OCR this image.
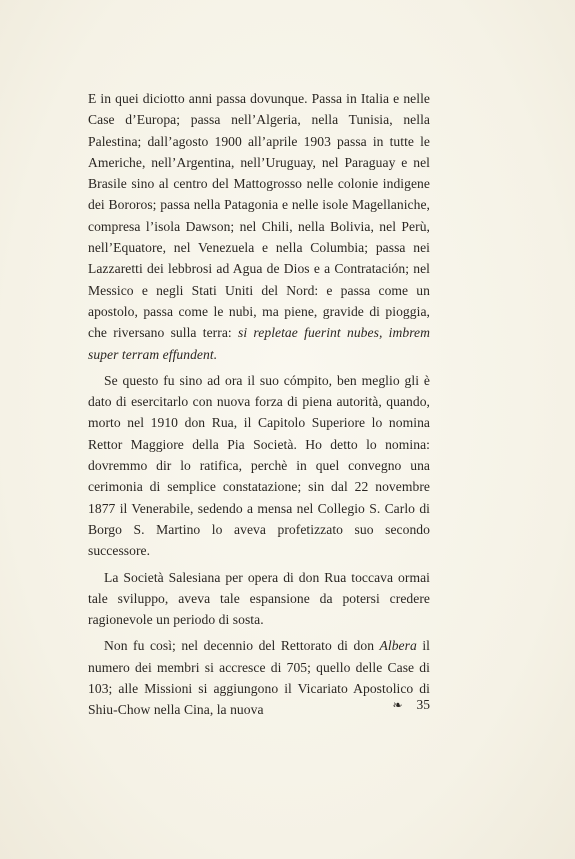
E in quei diciotto anni passa dovunque. Passa in Italia e nelle Case d’Europa; passa nell’Algeria, nella Tunisia, nella Palestina; dall’agosto 1900 all’aprile 1903 passa in tutte le Americhe, nell’Argentina, nell’Uruguay, nel Paraguay e nel Brasile sino al centro del Mattogrosso nelle colonie indigene dei Bororos; passa nella Patagonia e nelle isole Magellaniche, compresa l’isola Dawson; nel Chili, nella Bolivia, nel Perù, nell’Equatore, nel Venezuela e nella Columbia; passa nei Lazzaretti dei lebbrosi ad Agua de Dios e a Contratación; nel Messico e negli Stati Uniti del Nord: e passa come un apostolo, passa come le nubi, ma piene, gravide di pioggia, che riversano sulla terra: si repletae fuerint nubes, imbrem super terram effundent.

Se questo fu sino ad ora il suo cómpito, ben meglio gli è dato di esercitarlo con nuova forza di piena autorità, quando, morto nel 1910 don Rua, il Capitolo Superiore lo nomina Rettor Maggiore della Pia Società. Ho detto lo nomina: dovremmo dir lo ratifica, perchè in quel convegno una cerimonia di semplice constatazione; sin dal 22 novembre 1877 il Venerabile, sedendo a mensa nel Collegio S. Carlo di Borgo S. Martino lo aveva profetizzato suo secondo successore.

La Società Salesiana per opera di don Rua toccava ormai tale sviluppo, aveva tale espansione da potersi credere ragionevole un periodo di sosta.

Non fu così; nel decennio del Rettorato di don Albera il numero dei membri si accresce di 705; quello delle Case di 103; alle Missioni si aggiungono il Vicariato Apostolico di Shiu-Chow nella Cina, la nuova	❧ 35
